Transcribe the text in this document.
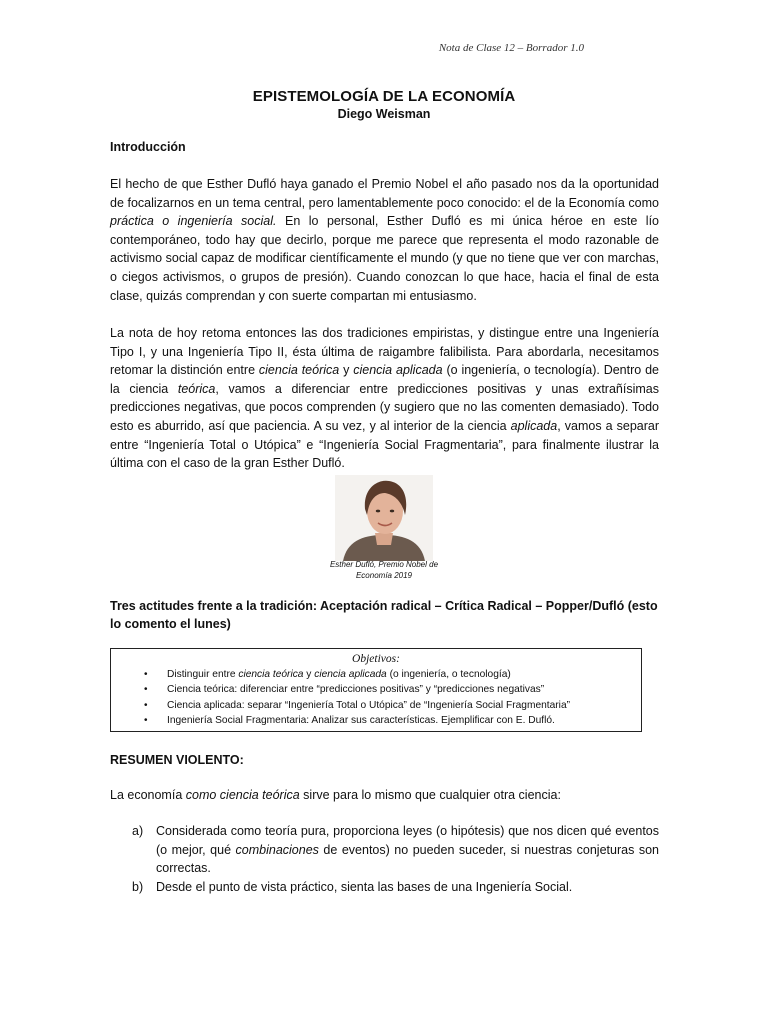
Nota de Clase 12 – Borrador 1.0
EPISTEMOLOGÍA DE LA ECONOMÍA
Diego Weisman
Introducción
El hecho de que Esther Dufló haya ganado el Premio Nobel el año pasado nos da la oportunidad de focalizarnos en un tema central, pero lamentablemente poco conocido: el de la Economía como práctica o ingeniería social. En lo personal, Esther Dufló es mi única héroe en este lío contemporáneo, todo hay que decirlo, porque me parece que representa el modo razonable de activismo social capaz de modificar científicamente el mundo (y que no tiene que ver con marchas, o ciegos activismos, o grupos de presión). Cuando conozcan lo que hace, hacia el final de esta clase, quizás comprendan y con suerte compartan mi entusiasmo.
La nota de hoy retoma entonces las dos tradiciones empiristas, y distingue entre una Ingeniería Tipo I, y una Ingeniería Tipo II, ésta última de raigambre falibilista. Para abordarla, necesitamos retomar la distinción entre ciencia teórica y ciencia aplicada (o ingeniería, o tecnología). Dentro de la ciencia teórica, vamos a diferenciar entre predicciones positivas y unas extrañísimas predicciones negativas, que pocos comprenden (y sugiero que no las comenten demasiado). Todo esto es aburrido, así que paciencia. A su vez, y al interior de la ciencia aplicada, vamos a separar entre “Ingeniería Total o Utópica” e “Ingeniería Social Fragmentaria”, para finalmente ilustrar la última con el caso de la gran Esther Dufló.
Esther Dufló, Premio Nobel de
Economía 2019
Tres actitudes frente a la tradición: Aceptación radical – Crítica Radical – Popper/Dufló (esto lo comento el lunes)
Objetivos:
• Distinguir entre ciencia teórica y ciencia aplicada (o ingeniería, o tecnología)
• Ciencia teórica: diferenciar entre “predicciones positivas” y “predicciones negativas”
• Ciencia aplicada: separar “Ingeniería Total o Utópica” de “Ingeniería Social Fragmentaria”
• Ingeniería Social Fragmentaria: Analizar sus características. Ejemplificar con E. Dufló.
RESUMEN VIOLENTO:
La economía como ciencia teórica sirve para lo mismo que cualquier otra ciencia:
a) Considerada como teoría pura, proporciona leyes (o hipótesis) que nos dicen qué eventos (o mejor, qué combinaciones de eventos) no pueden suceder, si nuestras conjeturas son correctas.
b) Desde el punto de vista práctico, sienta las bases de una Ingeniería Social.
